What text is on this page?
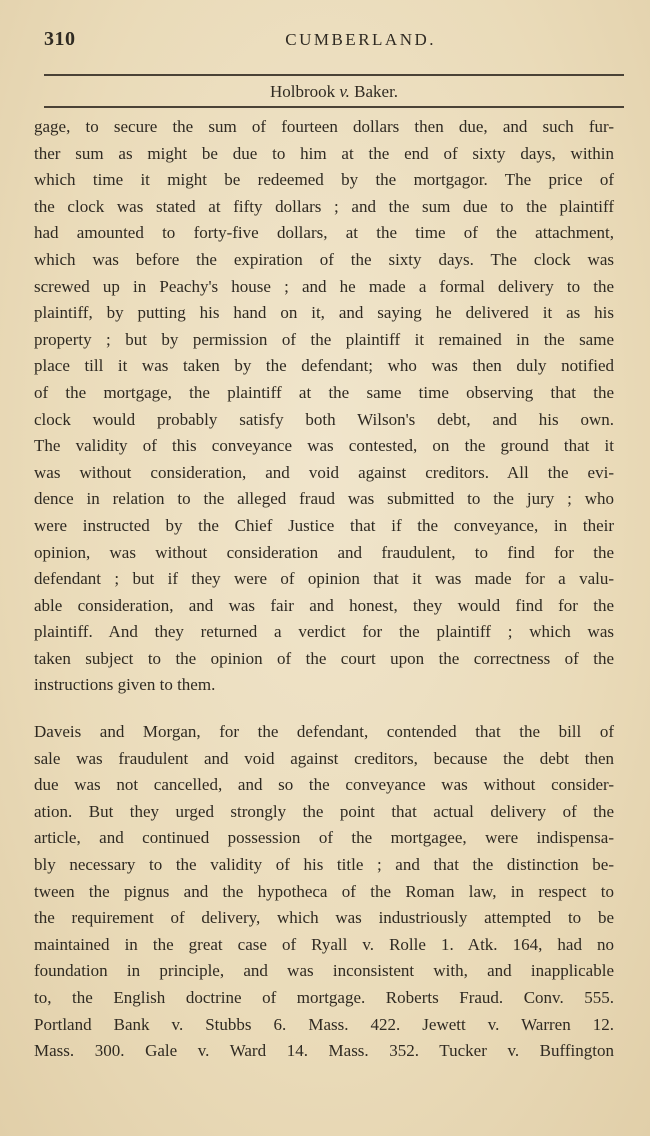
310	CUMBERLAND.
Holbrook v. Baker.
gage, to secure the sum of fourteen dollars then due, and such fur-
ther sum as might be due to him at the end of sixty days, within
which time it might be redeemed by the mortgagor. The price of
the clock was stated at fifty dollars ; and the sum due to the plaintiff
had amounted to forty-five dollars, at the time of the attachment,
which was before the expiration of the sixty days. The clock was
screwed up in Peachy's house ; and he made a formal delivery to the
plaintiff, by putting his hand on it, and saying he delivered it as his
property ; but by permission of the plaintiff it remained in the same
place till it was taken by the defendant; who was then duly notified
of the mortgage, the plaintiff at the same time observing that the
clock would probably satisfy both Wilson's debt, and his own.
The validity of this conveyance was contested, on the ground that it
was without consideration, and void against creditors. All the evi-
dence in relation to the alleged fraud was submitted to the jury ; who
were instructed by the Chief Justice that if the conveyance, in their
opinion, was without consideration and fraudulent, to find for the
defendant ; but if they were of opinion that it was made for a valu-
able consideration, and was fair and honest, they would find for the
plaintiff. And they returned a verdict for the plaintiff ; which was
taken subject to the opinion of the court upon the correctness of the
instructions given to them.
Daveis and Morgan, for the defendant, contended that the bill of
sale was fraudulent and void against creditors, because the debt then
due was not cancelled, and so the conveyance was without consider-
ation. But they urged strongly the point that actual delivery of the
article, and continued possession of the mortgagee, were indispensa-
bly necessary to the validity of his title ; and that the distinction be-
tween the pignus and the hypotheca of the Roman law, in respect to
the requirement of delivery, which was industriously attempted to be
maintained in the great case of Ryall v. Rolle 1. Atk. 164, had no
foundation in principle, and was inconsistent with, and inapplicable
to, the English doctrine of mortgage. Roberts Fraud. Conv. 555.
Portland Bank v. Stubbs 6. Mass. 422. Jewett v. Warren 12.
Mass. 300. Gale v. Ward 14. Mass. 352. Tucker v. Buffington
